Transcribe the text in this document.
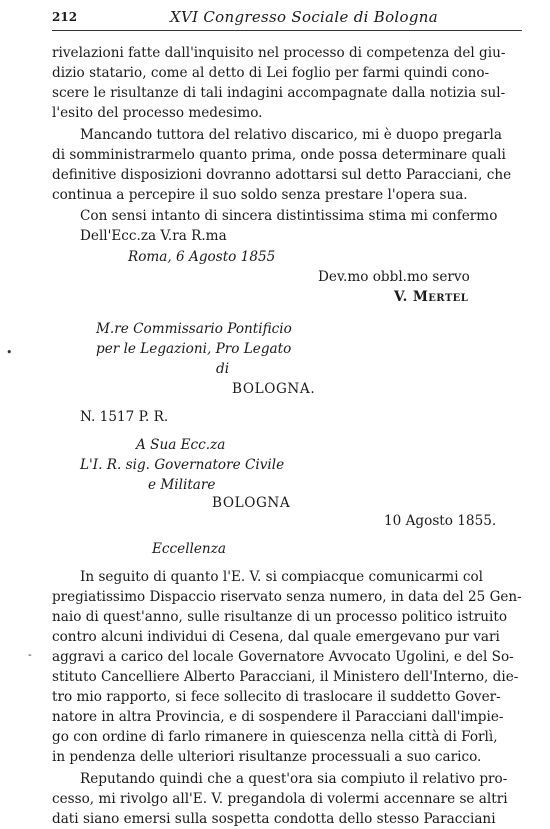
212	XVI Congresso Sociale di Bologna
rivelazioni fatte dall'inquisito nel processo di competenza del giu-
dizio statario, come al detto di Lei foglio per farmi quindi cono-
scere le risultanze di tali indagini accompagnate dalla notizia sul-
l'esito del processo medesimo.
Mancando tuttora del relativo discarico, mi è duopo pregarla
di somministrarmelo quanto prima, onde possa determinare quali
definitive disposizioni dovranno adottarsi sul detto Paracciani, che
continua a percepire il suo soldo senza prestare l'opera sua.
Con sensi intanto di sincera distintissima stima mi confermo
Dell'Ecc.za V.ra R.ma
Roma, 6 Agosto 1855
Dev.mo obbl.mo servo
V. Mertel
M.re Commissario Pontificio
per le Legazioni, Pro Legato
di
BOLOGNA.
N. 1517 P. R.
A Sua Ecc.za
L'I. R. sig. Governatore Civile
e Militare
BOLOGNA
10 Agosto 1855.
Eccellenza
In seguito di quanto l'E. V. si compiacque comunicarmi col
pregiatissimo Dispaccio riservato senza numero, in data del 25 Gen-
naio di quest'anno, sulle risultanze di un processo politico istruito
contro alcuni individui di Cesena, dal quale emergevano pur vari
aggravi a carico del locale Governatore Avvocato Ugolini, e del So-
stituto Cancelliere Alberto Paracciani, il Ministero dell'Interno, die-
tro mio rapporto, si fece sollecito di traslocare il suddetto Gover-
natore in altra Provincia, e di sospendere il Paracciani dall'impie-
go con ordine di farlo rimanere in quiescenza nella città di Forlì,
in pendenza delle ulteriori risultanze processuali a suo carico.
Reputando quindi che a quest'ora sia compiuto il relativo pro-
cesso, mi rivolgo all'E. V. pregandola di volermi accennare se altri
dati siano emersi sulla sospetta condotta dello stesso Paracciani
•
-
